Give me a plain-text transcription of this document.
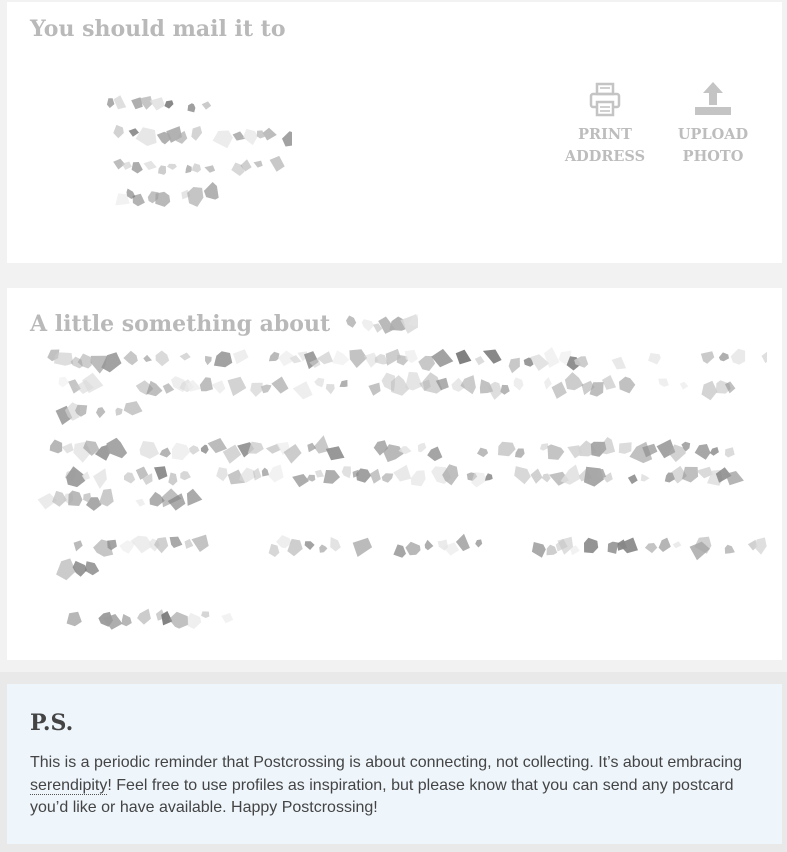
You should mail it to
PRINT
ADDRESS
UPLOAD
PHOTO
A little something about
P.S.

This is a periodic reminder that Postcrossing is about connecting, not collecting. It’s about embracing serendipity! Feel free to use profiles as inspiration, but please know that you can send any postcard you’d like or have available. Happy Postcrossing!
